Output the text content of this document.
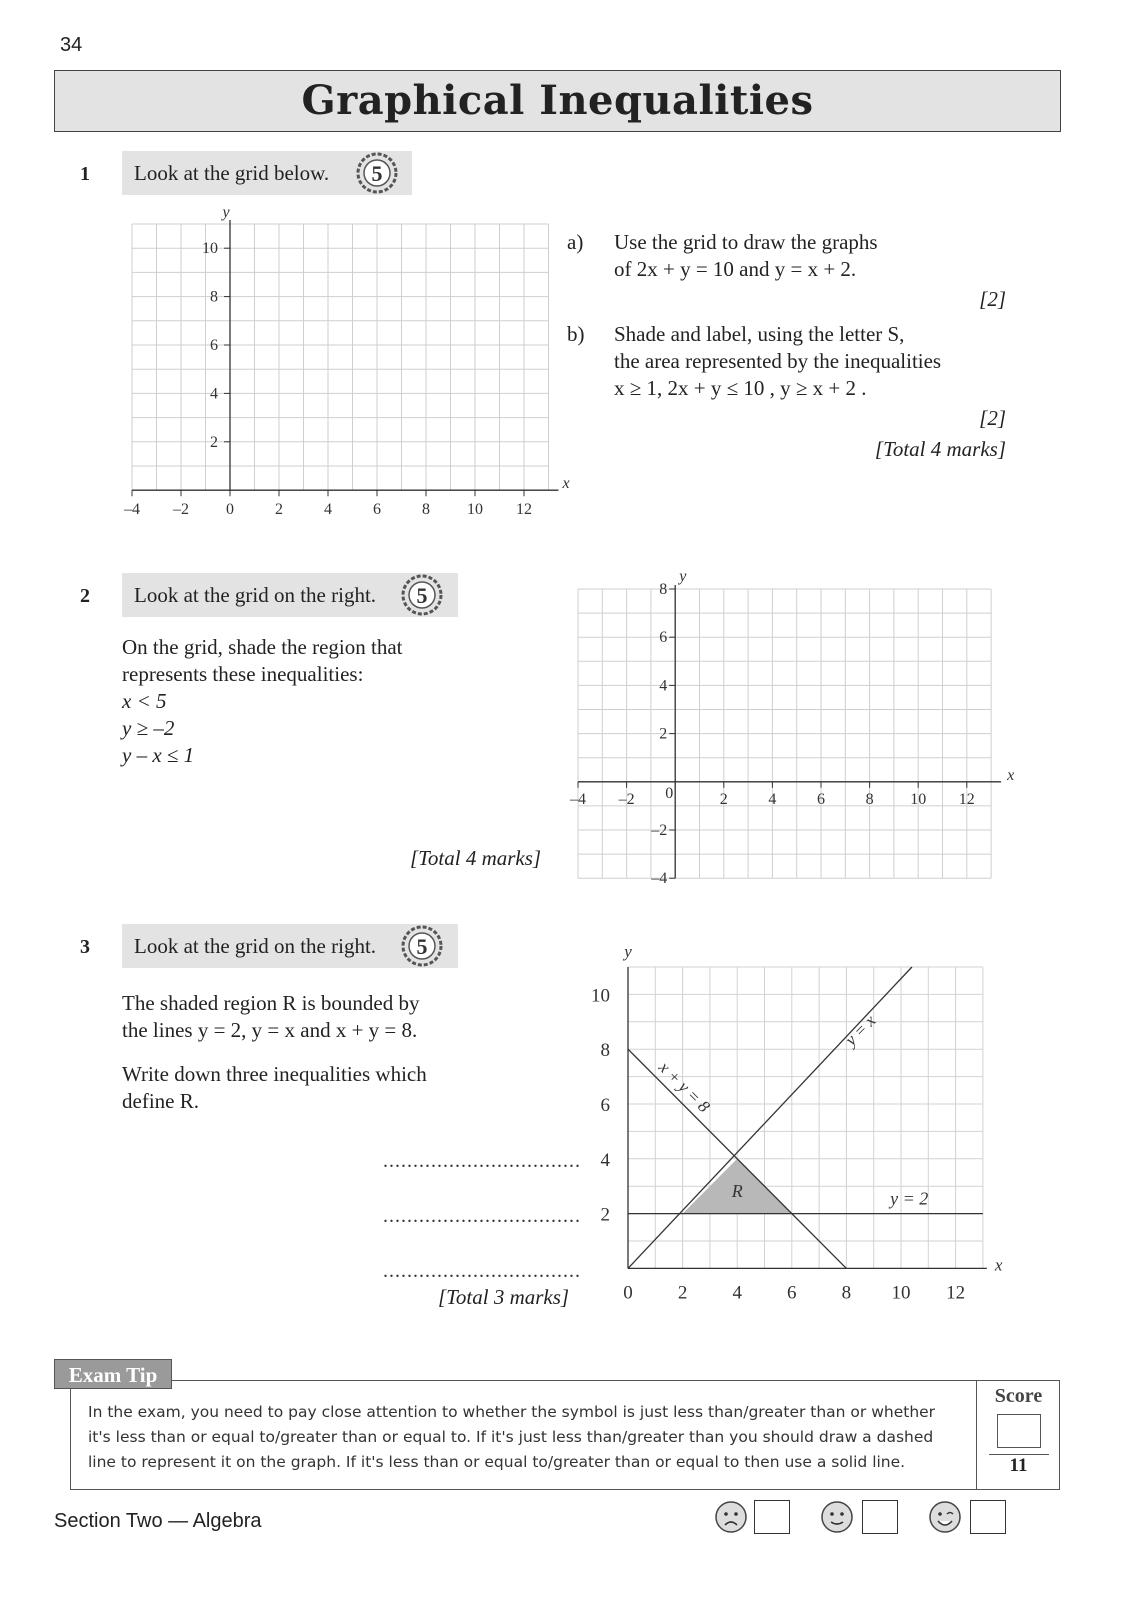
34
Graphical Inequalities
1	Look at the grid below.	5
–4 –2 0	2	4	6	8 10 12
2
4
6
8
10
x
y
a) Use the grid to draw the graphs
of 2x + y = 10 and y = x + 2.
[2]
b) Shade and label, using the letter S,
the area represented by the inequalities
x ≥ 1, 2x + y ≤ 10 , y ≥ x + 2 .
[2]
[Total 4 marks]
2	Look at the grid on the right.	5
On the grid, shade the region that
represents these inequalities:
x < 5
y ≥ –2
y – x ≤ 1
[Total 4 marks]
–4 –2	2	4	6	8 10 12
0
8
6
4
2
–2
–4
x
y
3	Look at the grid on the right.	5
The shaded region R is bounded by
the lines y = 2, y = x and x + y = 8.
Write down three inequalities which
define R.
.................................
.................................
.................................
[Total 3 marks]	0 2 4 6 8 10 12
2
4
6
8
10
x
y
y = x
x + y = 8
y = 2
R
Exam Tip
In the exam, you need to pay close attention to whether the symbol is just less than/greater than or whether
it's less than or equal to/greater than or equal to. If it's just less than/greater than you should draw a dashed
line to represent it on the graph. If it's less than or equal to/greater than or equal to then use a solid line.
Score
11
Section Two — Algebra
